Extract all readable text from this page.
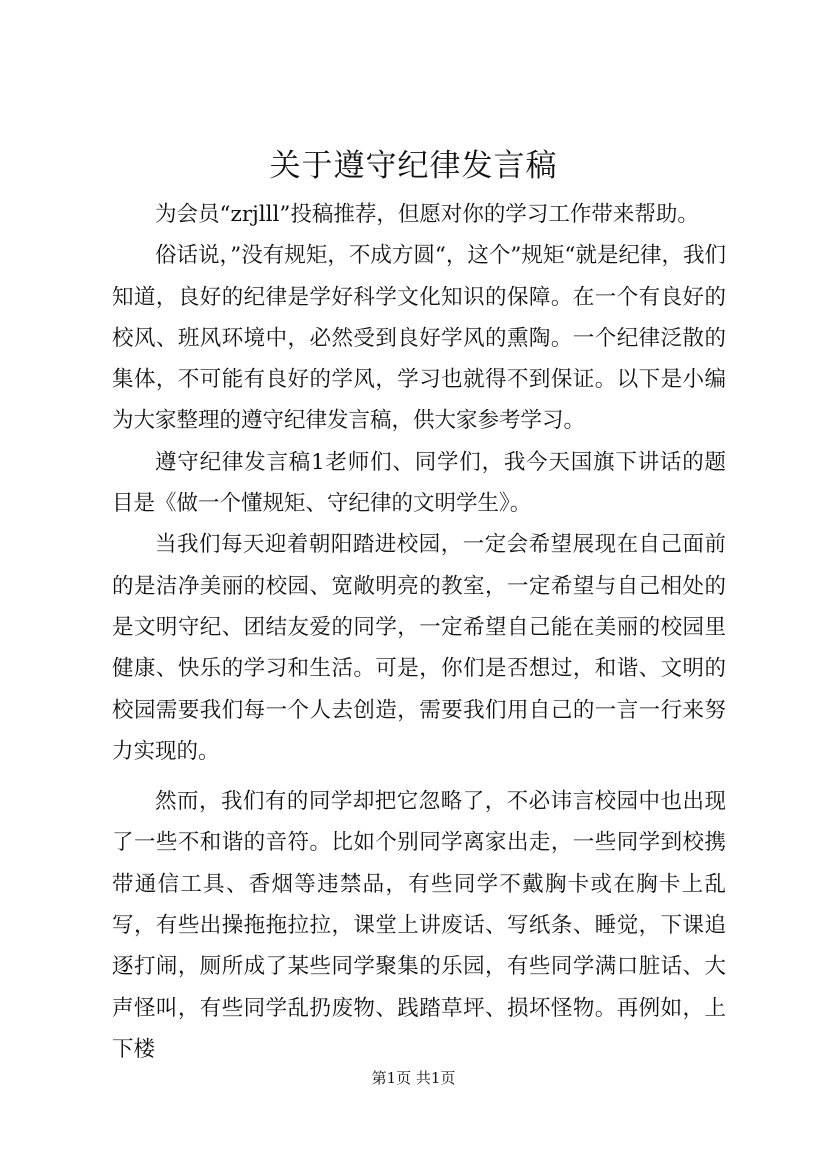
关于遵守纪律发言稿

为会员“zrjlll”投稿推荐，但愿对你的学习工作带来帮助。

俗话说，”没有规矩，不成方圆“，这个”规矩“就是纪律，我们知道，良好的纪律是学好科学文化知识的保障。在一个有良好的校风、班风环境中，必然受到良好学风的熏陶。一个纪律泛散的集体，不可能有良好的学风，学习也就得不到保证。以下是小编为大家整理的遵守纪律发言稿，供大家参考学习。

遵守纪律发言稿1老师们、同学们，我今天国旗下讲话的题目是《做一个懂规矩、守纪律的文明学生》。

当我们每天迎着朝阳踏进校园，一定会希望展现在自己面前的是洁净美丽的校园、宽敞明亮的教室，一定希望与自己相处的是文明守纪、团结友爱的同学，一定希望自己能在美丽的校园里健康、快乐的学习和生活。可是，你们是否想过，和谐、文明的校园需要我们每一个人去创造，需要我们用自己的一言一行来努力实现的。

然而，我们有的同学却把它忽略了，不必讳言校园中也出现了一些不和谐的音符。比如个别同学离家出走，一些同学到校携带通信工具、香烟等违禁品，有些同学不戴胸卡或在胸卡上乱写，有些出操拖拖拉拉，课堂上讲废话、写纸条、睡觉，下课追逐打闹，厕所成了某些同学聚集的乐园，有些同学满口脏话、大声怪叫，有些同学乱扔废物、践踏草坪、损坏怪物。再例如，上下楼

第1页 共1页
